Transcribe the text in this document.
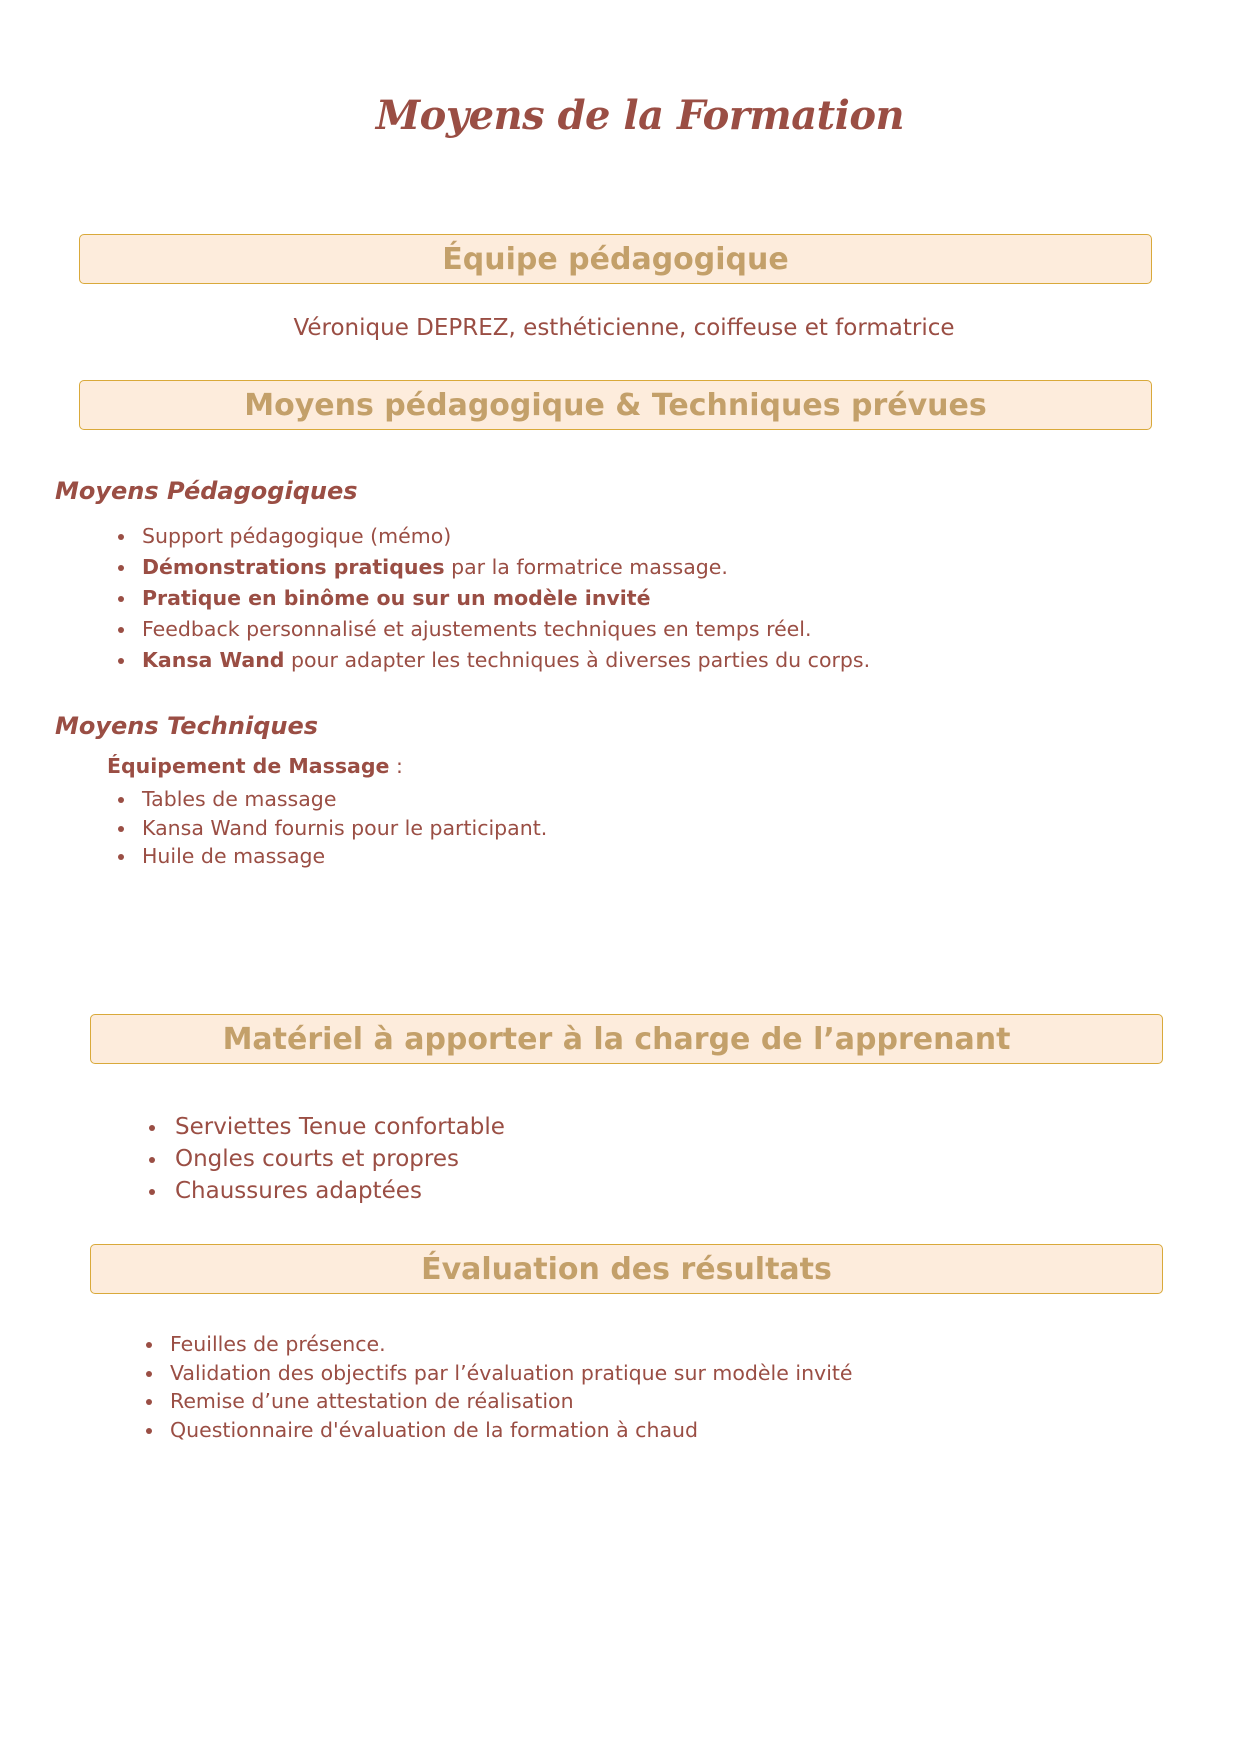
Moyens de la Formation
Équipe pédagogique
Véronique DEPREZ, esthéticienne, coiffeuse et formatrice
Moyens pédagogique & Techniques prévues
Moyens Pédagogiques
Support pédagogique (mémo)
Démonstrations pratiques par la formatrice massage.
Pratique en binôme ou sur un modèle invité
Feedback personnalisé et ajustements techniques en temps réel.
Kansa Wand pour adapter les techniques à diverses parties du corps.
Moyens Techniques
Équipement de Massage :
Tables de massage
Kansa Wand fournis pour le participant.
Huile de massage
Matériel à apporter à la charge de l’apprenant
Serviettes Tenue confortable
Ongles courts et propres
Chaussures adaptées
Évaluation des résultats
Feuilles de présence.
Validation des objectifs par l’évaluation pratique sur modèle invité
Remise d’une attestation de réalisation
Questionnaire d'évaluation de la formation à chaud
